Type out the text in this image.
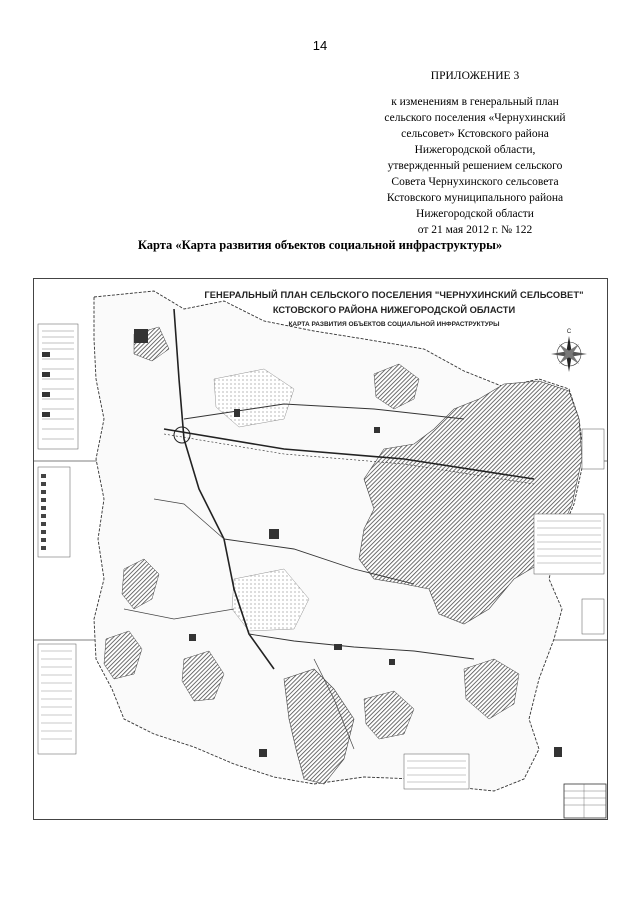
14
ПРИЛОЖЕНИЕ 3
к изменениям в генеральный план
сельского поселения «Чернухинский
сельсовет» Кстовского района
Нижегородской области,
утвержденный решением сельского
Совета Чернухинского сельсовета
Кстовского муниципального района
Нижегородской области
от 21 мая 2012 г. № 122
Карта «Карта развития объектов социальной инфраструктуры»
С
ГЕНЕРАЛЬНЫЙ ПЛАН СЕЛЬСКОГО ПОСЕЛЕНИЯ "ЧЕРНУХИНСКИЙ СЕЛЬСОВЕТ"
КСТОВСКОГО РАЙОНА НИЖЕГОРОДСКОЙ ОБЛАСТИ
КАРТА РАЗВИТИЯ ОБЪЕКТОВ СОЦИАЛЬНОЙ ИНФРАСТРУКТУРЫ
